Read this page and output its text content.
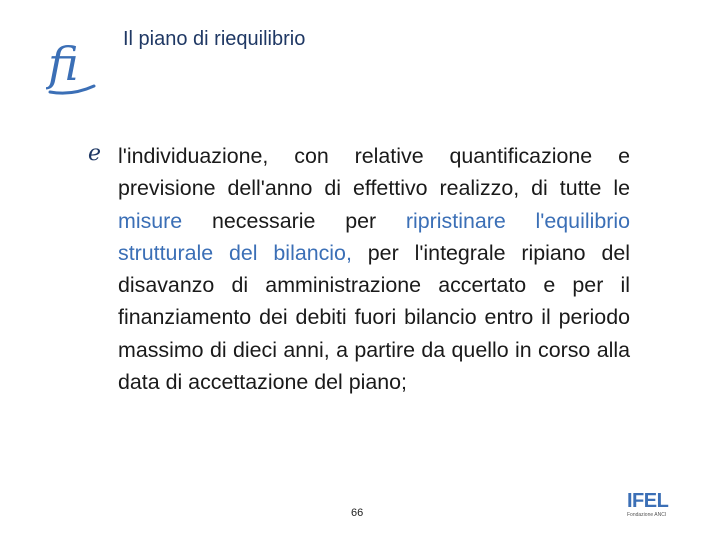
fi Il piano di riequilibrio
ℯ l'individuazione, con relative quantificazione e previsione dell'anno di effettivo realizzo, di tutte le misure necessarie per ripristinare l'equilibrio strutturale del bilancio, per l'integrale ripiano del disavanzo di amministrazione accertato e per il finanziamento dei debiti fuori bilancio entro il periodo massimo di dieci anni, a partire da quello in corso alla data di accettazione del piano;
66
IFEL
Fondazione ANCI
